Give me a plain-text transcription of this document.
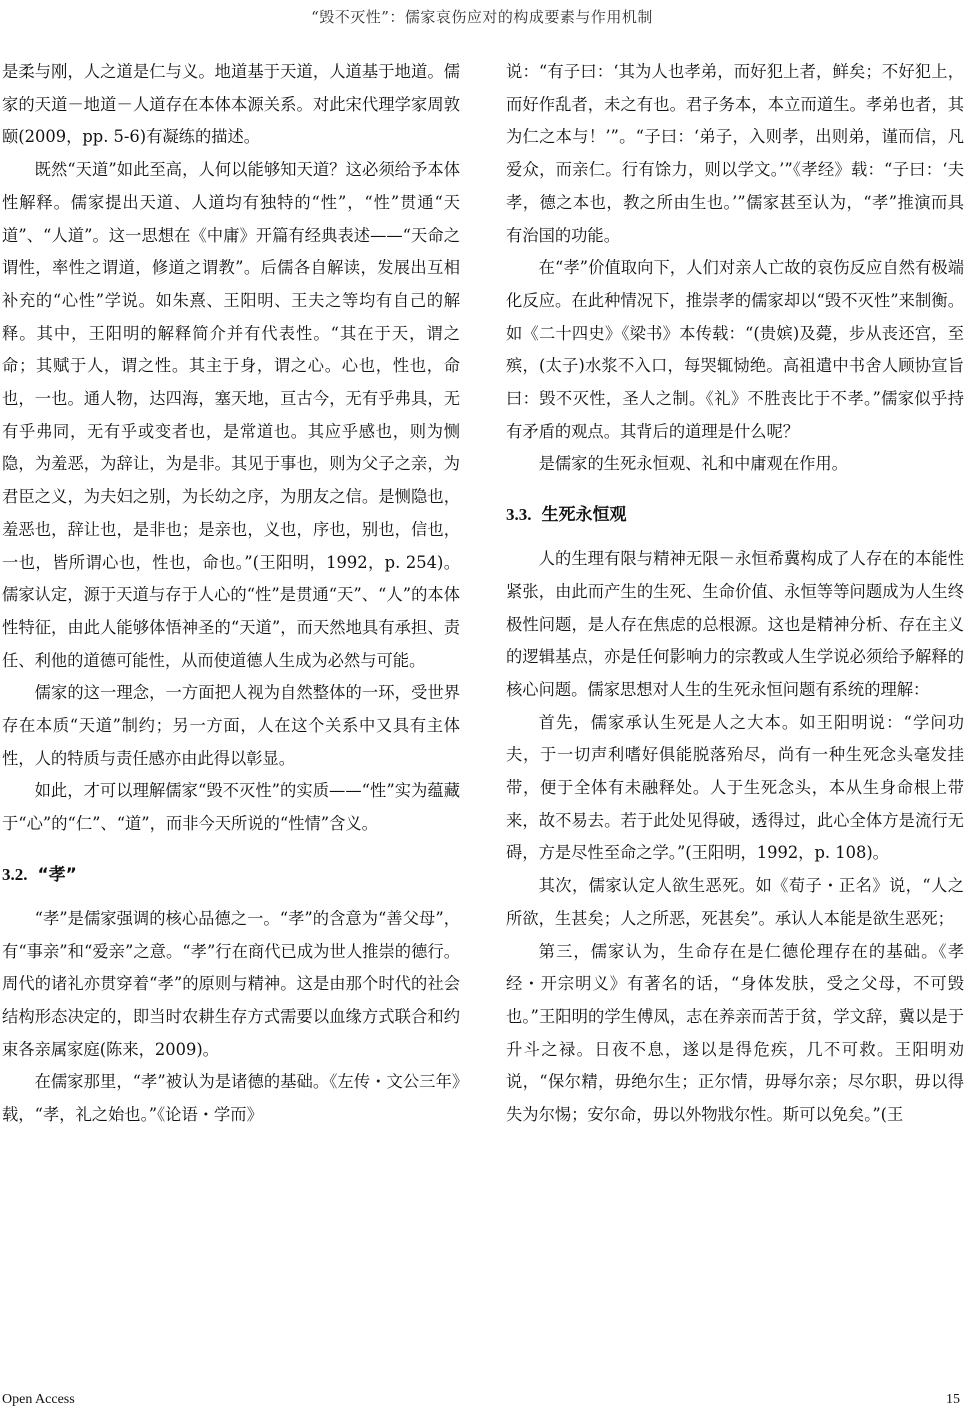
“毁不灭性”：儒家哀伤应对的构成要素与作用机制

是柔与刚，人之道是仁与义。地道基于天道，人道基于地道。儒家的天道－地道－人道存在本体本源关系。对此宋代理学家周敦颐(2009，pp. 5-6)有凝练的描述。

既然“天道”如此至高，人何以能够知天道？这必须给予本体性解释。儒家提出天道、人道均有独特的“性”，“性”贯通“天道”、“人道”。这一思想在《中庸》开篇有经典表述——“天命之谓性，率性之谓道，修道之谓教”。后儒各自解读，发展出互相补充的“心性”学说。如朱熹、王阳明、王夫之等均有自己的解释。其中，王阳明的解释简介并有代表性。“其在于天，谓之命；其赋于人，谓之性。其主于身，谓之心。心也，性也，命也，一也。通人物，达四海，塞天地，亘古今，无有乎弗具，无有乎弗同，无有乎或变者也，是常道也。其应乎感也，则为恻隐，为羞恶，为辞让，为是非。其见于事也，则为父子之亲，为君臣之义，为夫妇之别，为长幼之序，为朋友之信。是恻隐也，羞恶也，辞让也，是非也；是亲也，义也，序也，别也，信也，一也，皆所谓心也，性也，命也。”(王阳明，1992，p. 254)。儒家认定，源于天道与存于人心的“性”是贯通“天”、“人”的本体性特征，由此人能够体悟神圣的“天道”，而天然地具有承担、责任、利他的道德可能性，从而使道德人生成为必然与可能。

儒家的这一理念，一方面把人视为自然整体的一环，受世界存在本质“天道”制约；另一方面，人在这个关系中又具有主体性，人的特质与责任感亦由此得以彰显。

如此，才可以理解儒家“毁不灭性”的实质——“性”实为蕴藏于“心”的“仁”、“道”，而非今天所说的“性情”含义。

3.2. “孝”

“孝”是儒家强调的核心品德之一。“孝”的含意为“善父母”，有“事亲”和“爱亲”之意。“孝”行在商代已成为世人推崇的德行。周代的诸礼亦贯穿着“孝”的原则与精神。这是由那个时代的社会结构形态决定的，即当时农耕生存方式需要以血缘方式联合和约束各亲属家庭(陈来，2009)。

在儒家那里，“孝”被认为是诸德的基础。《左传・文公三年》载，“孝，礼之始也。”《论语・学而》

说：“有子曰：‘其为人也孝弟，而好犯上者，鲜矣；不好犯上，而好作乱者，未之有也。君子务本，本立而道生。孝弟也者，其为仁之本与！’”。“子曰：‘弟子，入则孝，出则弟，谨而信，凡爱众，而亲仁。行有馀力，则以学文。’”《孝经》载：“子曰：‘夫孝，德之本也，教之所由生也。’”儒家甚至认为，“孝”推演而具有治国的功能。

在“孝”价值取向下，人们对亲人亡故的哀伤反应自然有极端化反应。在此种情况下，推崇孝的儒家却以“毁不灭性”来制衡。如《二十四史》《梁书》本传载：“(贵嫔)及薨，步从丧还宫，至殡，(太子)水浆不入口，每哭辄恸绝。高祖遣中书舍人顾协宣旨曰：毁不灭性，圣人之制。《礼》不胜丧比于不孝。”儒家似乎持有矛盾的观点。其背后的道理是什么呢？

是儒家的生死永恒观、礼和中庸观在作用。

3.3. 生死永恒观

人的生理有限与精神无限－永恒希冀构成了人存在的本能性紧张，由此而产生的生死、生命价值、永恒等等问题成为人生终极性问题，是人存在焦虑的总根源。这也是精神分析、存在主义的逻辑基点，亦是任何影响力的宗教或人生学说必须给予解释的核心问题。儒家思想对人生的生死永恒问题有系统的理解：

首先，儒家承认生死是人之大本。如王阳明说：“学问功夫，于一切声利嗜好俱能脱落殆尽，尚有一种生死念头毫发挂带，便于全体有未融释处。人于生死念头，本从生身命根上带来，故不易去。若于此处见得破，透得过，此心全体方是流行无碍，方是尽性至命之学。”(王阳明，1992，p. 108)。

其次，儒家认定人欲生恶死。如《荀子・正名》说，“人之所欲，生甚矣；人之所恶，死甚矣”。承认人本能是欲生恶死；

第三，儒家认为，生命存在是仁德伦理存在的基础。《孝经・开宗明义》有著名的话，“身体发肤，受之父母，不可毁也。”王阳明的学生傅凤，志在养亲而苦于贫，学文辞，冀以是于升斗之禄。日夜不息，遂以是得危疾，几不可救。王阳明劝说，“保尔精，毋绝尔生；正尔情，毋辱尔亲；尽尔职，毋以得失为尔惕；安尔命，毋以外物戕尔性。斯可以免矣。”(王

Open Access	15
